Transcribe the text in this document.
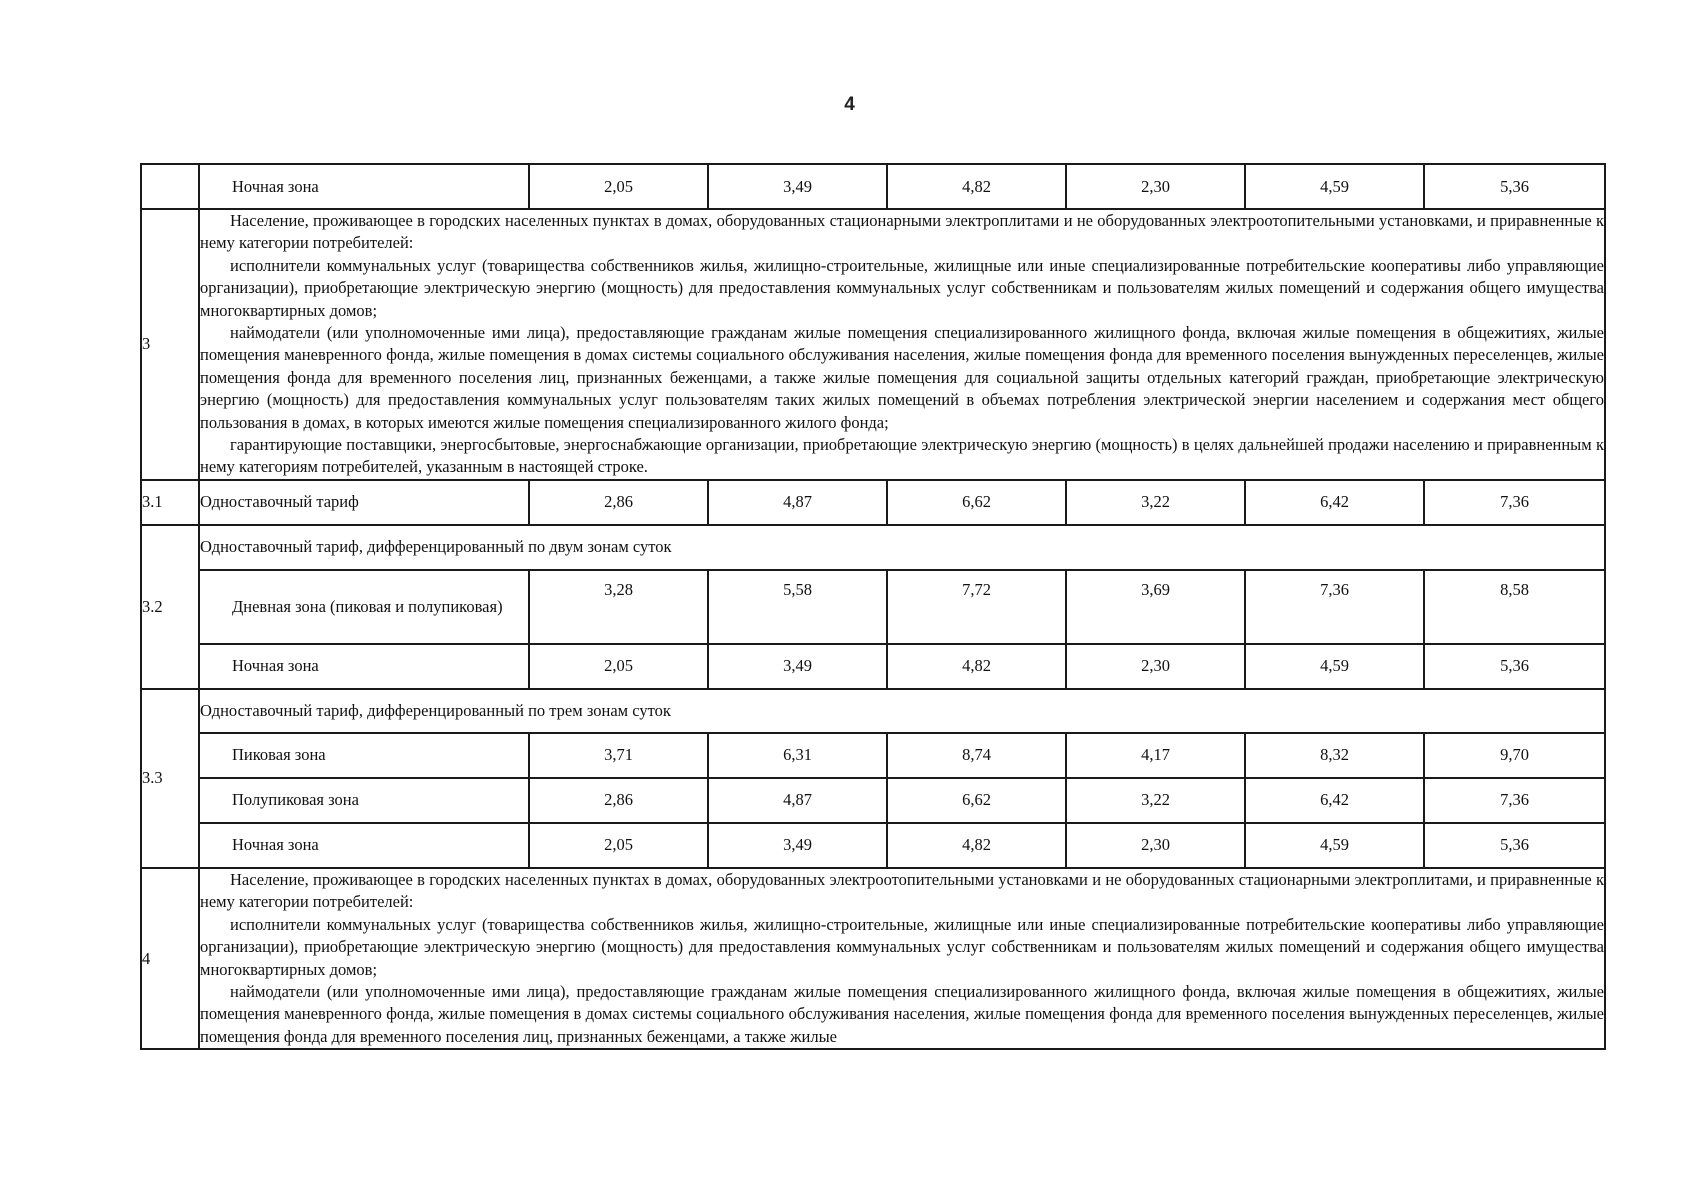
4
	Ночная зона	2,05	3,49	4,82	2,30	4,59	5,36
3	Население, проживающее в городских населенных пунктах в домах, оборудованных стационарными электроплитами и не оборудованных электроотопительными установками, и приравненные к нему категории потребителей:

исполнители коммунальных услуг (товарищества собственников жилья, жилищно-строительные, жилищные или иные специализированные потребительские кооперативы либо управляющие организации), приобретающие электрическую энергию (мощность) для предоставления коммунальных услуг собственникам и пользователям жилых помещений и содержания общего имущества многоквартирных домов;

наймодатели (или уполномоченные ими лица), предоставляющие гражданам жилые помещения специализированного жилищного фонда, включая жилые помещения в общежитиях, жилые помещения маневренного фонда, жилые помещения в домах системы социального обслуживания населения, жилые помещения фонда для временного поселения вынужденных переселенцев, жилые помещения фонда для временного поселения лиц, признанных беженцами, а также жилые помещения для социальной защиты отдельных категорий граждан, приобретающие электрическую энергию (мощность) для предоставления коммунальных услуг пользователям таких жилых помещений в объемах потребления электрической энергии населением и содержания мест общего пользования в домах, в которых имеются жилые помещения специализированного жилого фонда;

гарантирующие поставщики, энергосбытовые, энергоснабжающие организации, приобретающие электрическую энергию (мощность) в целях дальнейшей продажи населению и приравненным к нему категориям потребителей, указанным в настоящей строке.						

3.1	Одноставочный тариф	2,86	4,87	6,62	3,22	6,42	7,36
3.2	Одноставочный тариф, дифференцированный по двум зонам суток						

	Дневная зона (пиковая и полупиковая)	3,28	5,58	7,72	3,69	7,36	8,58
	Ночная зона	2,05	3,49	4,82	2,30	4,59	5,36
3.3	Одноставочный тариф, дифференцированный по трем зонам суток						
	Пиковая зона	3,71	6,31	8,74	4,17	8,32	9,70
	Полупиковая зона	2,86	4,87	6,62	3,22	6,42	7,36
	Ночная зона	2,05	3,49	4,82	2,30	4,59	5,36
4	Население, проживающее в городских населенных пунктах в домах, оборудованных электроотопительными установками и не оборудованных стационарными электроплитами, и приравненные к нему категории потребителей:

исполнители коммунальных услуг (товарищества собственников жилья, жилищно-строительные, жилищные или иные специализированные потребительские кооперативы либо управляющие организации), приобретающие электрическую энергию (мощность) для предоставления коммунальных услуг собственникам и пользователям жилых помещений и содержания общего имущества многоквартирных домов;

наймодатели (или уполномоченные ими лица), предоставляющие гражданам жилые помещения специализированного жилищного фонда, включая жилые помещения в общежитиях, жилые помещения маневренного фонда, жилые помещения в домах системы социального обслуживания населения, жилые помещения фонда для временного поселения вынужденных переселенцев, жилые помещения фонда для временного поселения лиц, признанных беженцами, а также жилые						
